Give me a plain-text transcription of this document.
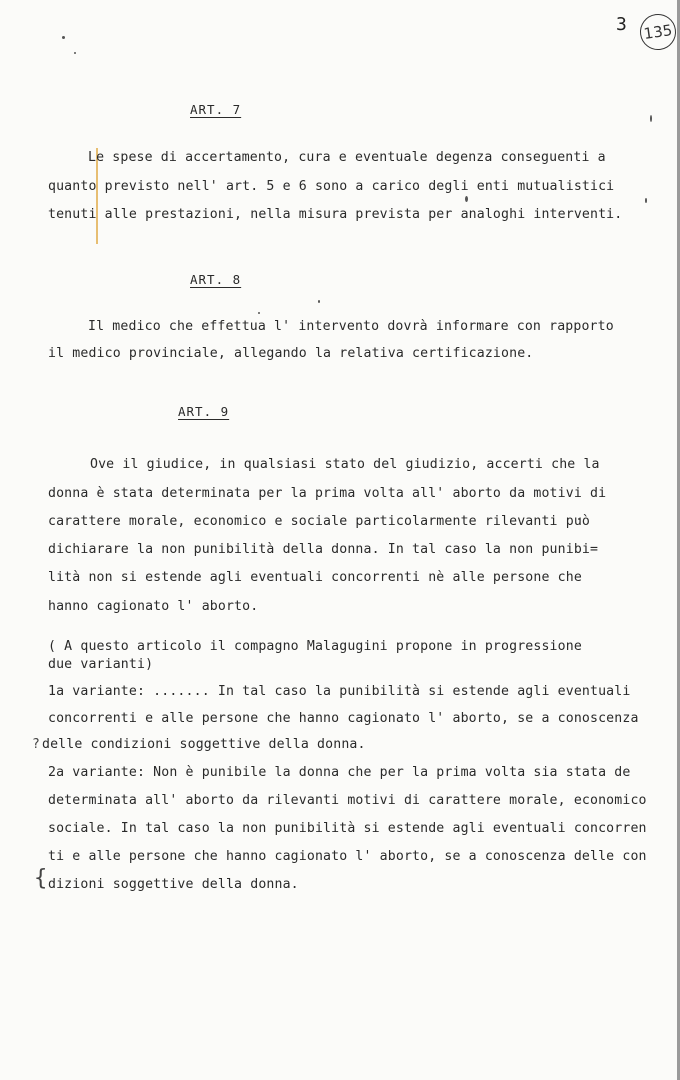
3 135
ART. 7
Le spese di accertamento, cura e eventuale degenza conseguenti a
quanto previsto nell' art. 5 e 6 sono a carico degli enti mutualistici
tenuti alle prestazioni, nella misura prevista per analoghi interventi.
ART. 8
Il medico che effettua l' intervento dovrà informare con rapporto
il medico provinciale, allegando la relativa certificazione.
ART. 9
Ove il giudice, in qualsiasi stato del giudizio, accerti che la
donna è stata determinata per la prima volta all' aborto da motivi di
carattere morale, economico e sociale particolarmente rilevanti può
dichiarare la non punibilità della donna. In tal caso la non punibi=
lità non si estende agli eventuali concorrenti nè alle persone che
hanno cagionato l' aborto.
( A questo articolo il compagno Malagugini propone in progressione
due varianti)
1a variante: ....... In tal caso la punibilità si estende agli eventuali
concorrenti e alle persone che hanno cagionato l' aborto, se a conoscenza
? delle condizioni soggettive della donna.
2a variante: Non è punibile la donna che per la prima volta sia stata de
determinata all' aborto da rilevanti motivi di carattere morale, economico
sociale. In tal caso la non punibilità si estende agli eventuali concorren
ti e alle persone che hanno cagionato l' aborto, se a conoscenza delle con
{ dizioni soggettive della donna.
